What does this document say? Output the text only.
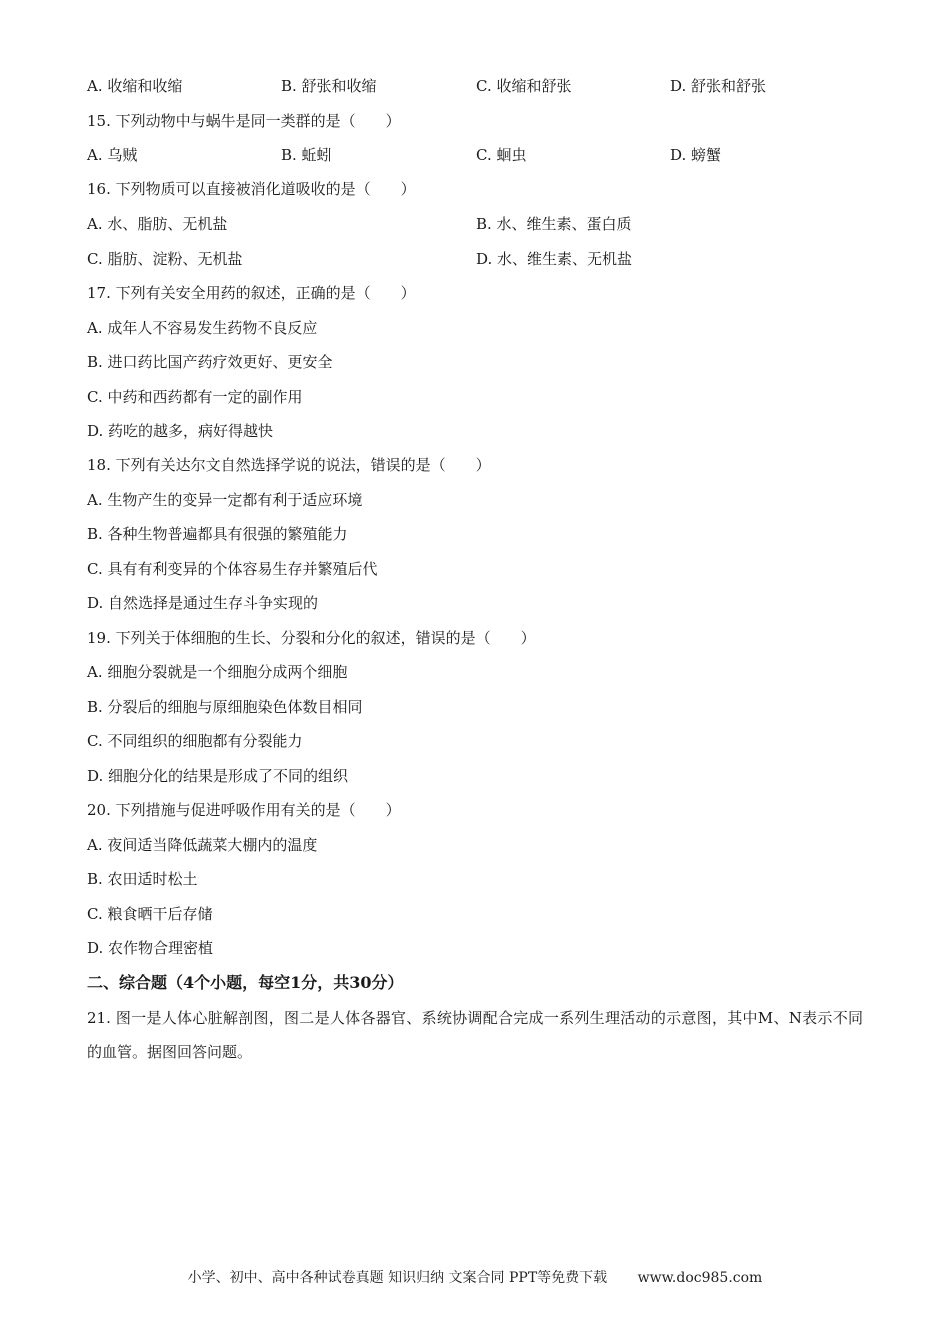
A. 收缩和收缩	B. 舒张和收缩	C. 收缩和舒张	D. 舒张和舒张
15. 下列动物中与蜗牛是同一类群的是（　　）
A. 乌贼	B. 蚯蚓	C. 蛔虫	D. 螃蟹
16. 下列物质可以直接被消化道吸收的是（　　）
A. 水、脂肪、无机盐	B. 水、维生素、蛋白质
C. 脂肪、淀粉、无机盐	D. 水、维生素、无机盐
17. 下列有关安全用药的叙述，正确的是（　　）
A. 成年人不容易发生药物不良反应
B. 进口药比国产药疗效更好、更安全
C. 中药和西药都有一定的副作用
D. 药吃的越多，病好得越快
18. 下列有关达尔文自然选择学说的说法，错误的是（　　）
A. 生物产生的变异一定都有利于适应环境
B. 各种生物普遍都具有很强的繁殖能力
C. 具有有利变异的个体容易生存并繁殖后代
D. 自然选择是通过生存斗争实现的
19. 下列关于体细胞的生长、分裂和分化的叙述，错误的是（　　）
A. 细胞分裂就是一个细胞分成两个细胞
B. 分裂后的细胞与原细胞染色体数目相同
C. 不同组织的细胞都有分裂能力
D. 细胞分化的结果是形成了不同的组织
20. 下列措施与促进呼吸作用有关的是（　　）
A. 夜间适当降低蔬菜大棚内的温度
B. 农田适时松土
C. 粮食晒干后存储
D. 农作物合理密植
二、综合题（4个小题，每空1分，共30分）
21. 图一是人体心脏解剖图，图二是人体各器官、系统协调配合完成一系列生理活动的示意图，其中M、N表示不同的血管。据图回答问题。
小学、初中、高中各种试卷真题 知识归纳 文案合同 PPT等免费下载 www.doc985.com
